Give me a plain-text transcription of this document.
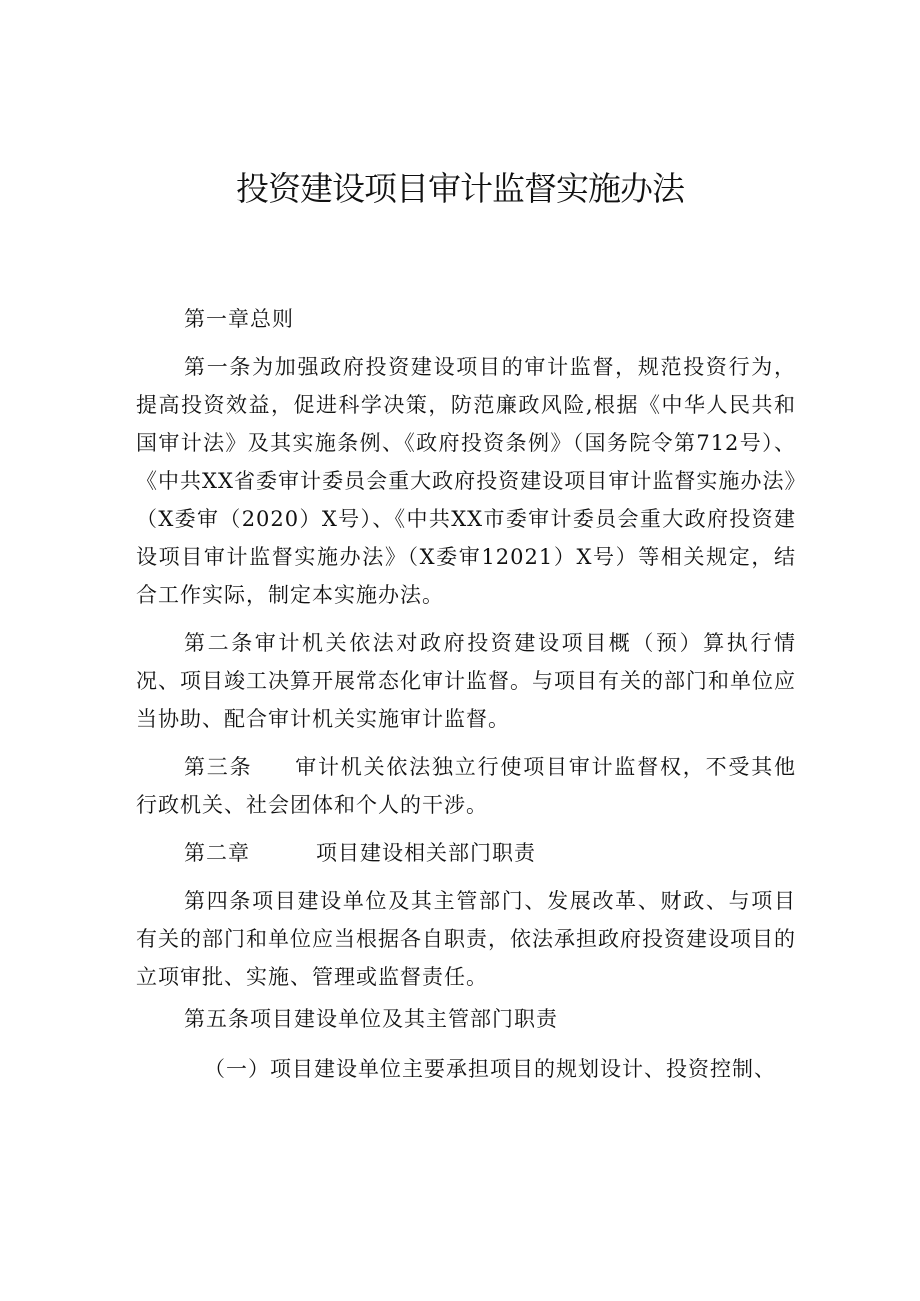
投资建设项目审计监督实施办法

第一章总则

第一条为加强政府投资建设项目的审计监督，规范投资行为，提高投资效益，促进科学决策，防范廉政风险,根据《中华人民共和国审计法》及其实施条例、《政府投资条例》（国务院令第712号）、《中共XX省委审计委员会重大政府投资建设项目审计监督实施办法》（X委审（2020）X号）、《中共XX市委审计委员会重大政府投资建设项目审计监督实施办法》（X委审12021）X号）等相关规定，结合工作实际，制定本实施办法。

第二条审计机关依法对政府投资建设项目概（预）算执行情况、项目竣工决算开展常态化审计监督。与项目有关的部门和单位应当协助、配合审计机关实施审计监督。

第三条 审计机关依法独立行使项目审计监督权，不受其他行政机关、社会团体和个人的干涉。

第二章	项目建设相关部门职责

第四条项目建设单位及其主管部门、发展改革、财政、与项目有关的部门和单位应当根据各自职责，依法承担政府投资建设项目的立项审批、实施、管理或监督责任。

第五条项目建设单位及其主管部门职责

（一）项目建设单位主要承担项目的规划设计、投资控制、
